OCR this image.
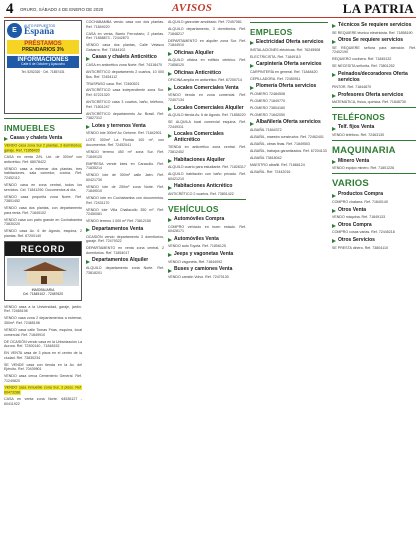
4 ORURO, SÁBADO 4 DE ENERO DE 2020	AVISOS	LA PATRIA
E
AUTO REPUESTOS
España
PRÉSTAMOS
PRENDARIOS 3%
INFORMACIONES
Calle 6 de Octubre y Ayacucho
Tel. 5252320 · Cel. 71857431
INMUEBLES
Casas y chalets Venta
VENDO casa zona Sur 2 plantas, 3 dormitorios, garaje. Ref. 71856420
CASA en venta Z/N. Lte. de 300m² con anticrético. Ref. 68078422
VENDO casa a estrenar dos plantas, tres habitaciones, sala comedor, cocina. Ref. 72452112
VENDO casa en zona central, todos los servicios. Cel. 71841290. Documentos al día.
VENDO casa pequeña zona Norte. Ref. 73801452
VENDO casa dos plantas, con departamento para renta. Ref. 71845102
VENDO casa con patio grande en Cochabamba 73830220
VENDO casa Av. 6 de Agosto, esquina, 2 plantas. Ref. 67200140
VENDO casa a la Universidad, garaje, jardín. Ref. 72465198
VENDO casa zona 2 departamentos a estrenar, 350m². Ref. 72465198
VENDO casa calle Tomas Frías, esquina, local comercial. Ref. 71849910
DE OCASIÓN vendo casa en la Urbanización La Aurora. Ref. 72300140 - 71848152
EN VENTA casa de 3 pisos en el centro de la ciudad. Ref. 73830234
SE VENDE casa con tienda en la Av. del Ejército. Ref. 70439901
VENDO casa cerca Cementerio General. Ref. 71249820
VENDO casa inmueble zona Sur, 3 pisos. Ref. 60473288
CASA en venta zona Norte. 64536127 - 60411922
COCHABAMBA vendo casa con dos plantas. Ref. 71849220
CASA en venta, Barrio Ferroviario, 2 plantas. Ref. 71858873 - 72442873
VENDO casa dos plantas, Calle Velasco Galvarro. Ref. 71844102
Casas y chalets Anticrético
CASA en anticrético zona Norte. Ref. 74318470
ANTICRÉTICO departamento 2 cuartos, 10 000 $us. Ref. 72454112
TRASPASO casa. Ref. 72460521
ANTICRÉTICO casa independiente zona Sur. Ref. 67221320
ANTICRÉTICO casa 3 cuartos, baño, teléfono, Ref. 71801247
ANTICRÉTICO departamento Av. Brasil. Ref. 73827312
Lotes y terrenos Venta
VENDO lote 300m² Av. Dehene. Ref. 71842901
LOTE 300m² La Florida 100 m², con documentos. Ref. 72452041
VENDO terreno 450 m² zona Sur. Ref. 71849120
EMPRESA vende lotes en Caracollo. Ref. 71835214
VENDO lote de 300m² calle Jaén. Ref. 60421730
VENDO lote de 250m² zona Norte. Ref. 71849010
VENDO lote en Cochabamba con documentos. Ref. 72431170
VENDO lote Villa Challacollo 350 m². Ref. 72450081
VENDO terreno 1 000 m² Ref. 73812150
Departamentos Venta
OCASIÓN vendo departamento 3 dormitorios, garaje. Ref. 72479322
DEPARTAMENTO en venta zona central, 2 dormitorios. Ref. 71854017
Departamentos Alquiler
ALQUILO departamento zona Norte. Ref. 73818201
ALQUILO garzonier amoblado. Ref. 72457081
ALQUILO departamento, 3 dormitorios. Ref. 71848217
DEPARTAMENTO en alquiler zona Sur. Ref. 71844910
Oficinas Alquiler
ALQUILO oficina en edificio céntrico. Ref. 71858120
Oficinas Anticrético
OFICINA amplia en anticrético. Ref. 67200714
Locales Comerciales Venta
VENDO tienda en zona comercial. Ref. 72407134
Locales Comerciales Alquiler
ALQUILO tienda Av. 6 de Agosto. Ref. 71858220
SE ALQUILA local comercial esquina. Ref. 72449311
Locales Comerciales Anticrético
TIENDA en anticrético zona central. Ref. 73812452
Habitaciones Alquiler
ALQUILO cuarto para estudiante. Ref. 71826317
ALQUILO habitación con baño privado. Ref. 60421210
Habitaciones Anticrético
ANTICRÉTICO 2 cuartos. Ref. 73801422
VEHÍCULOS
Automóviles Compra
COMPRO vehículo en buen estado. Ref. 60428171
Automóviles Venta
VENDO auto Toyota. Ref. 71806125
Jeeps y vagonetas Venta
VENDO vagoneta. Ref. 71844092
Buses y camiones Venta
VENDO camión Volvo. Ref. 72470130
EMPLEOS
Electricidad Oferta servicios
INSTALACIONES eléctricas. Ref. 76245908
ELECTRICISTA. Ref. 71849110
Carpintería Oferta servicios
CARPINTERÍA en general. Ref. 71848420
CEPILLADORA. Ref. 72450911
Plomería Oferta servicios
PLOMERO 72484508
PLOMERO 71849770
PLOMERO 73804160
PLOMERO 71842050
Albañilería Oferta servicios
ALBAÑIL 71844372
ALBAÑIL, maestro constructor. Ref. 72462401
ALBAÑIL, obras finas. Ref. 71849503
ALBAÑIL, trabajos garantizados. Ref. 67204133
ALBAÑIL 73818042
MAESTRO albañil. Ref. 71866124
ALBAÑIL. Ref. 72442016
Técnicos Se requiere servicios
SE REQUIERE técnico electricista. Ref. 71858190
Otros Se requiere servicios
SE REQUIERE señora para atención. Ref. 72402190
REQUIERO cocinera. Ref. 71845132
SE NECESITA señorita. Ref. 73801252
Peinados/decoradores Oferta servicios
PINTOR. Ref. 71844870
Profesores Oferta servicios
MATEMÁTICA, física, química. Ref. 71848730
TELÉFONOS
Telf. fijos Venta
VENDO teléfono. Ref. 72463130
MAQUINARIA
Minero Venta
VENDO equipo minero. Ref. 71801226
VARIOS
Productos Compra
COMPRO chatarra. Ref. 71840140
Otros Venta
VENDO máquina. Ref. 71849133
Otros Compra
COMPRO cosas varias. Ref. 72445218
Otros Servicios
SE PRESTA dinero. Ref. 73804110
RECORD
INMOBILIARIA
Cel. 71845102 - 72487620
